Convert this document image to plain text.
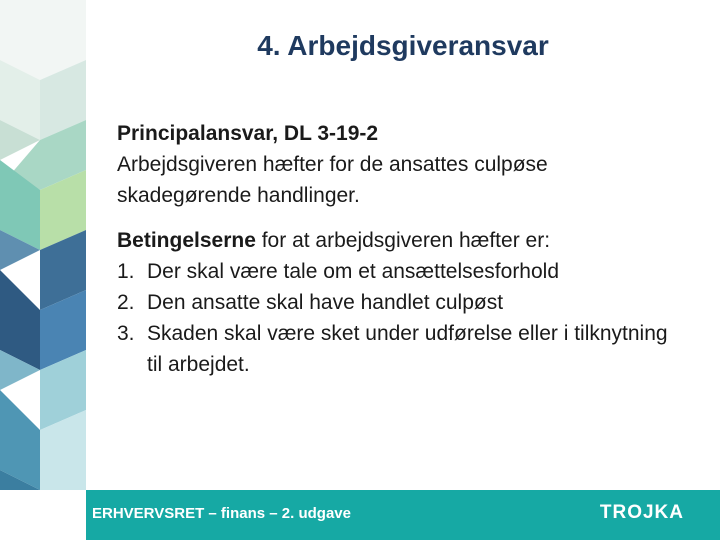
4. Arbejdsgiveransvar

Principalansvar, DL 3-19-2

Arbejdsgiveren hæfter for de ansattes culpøse skadegørende handlinger.

Betingelserne for at arbejdsgiveren hæfter er:

1. Der skal være tale om et ansættelsesforhold
2. Den ansatte skal have handlet culpøst
3. Skaden skal være sket under udførelse eller i tilknytning til arbejdet.
ERHVERVSRET – finans – 2. udgave	TROJKA
